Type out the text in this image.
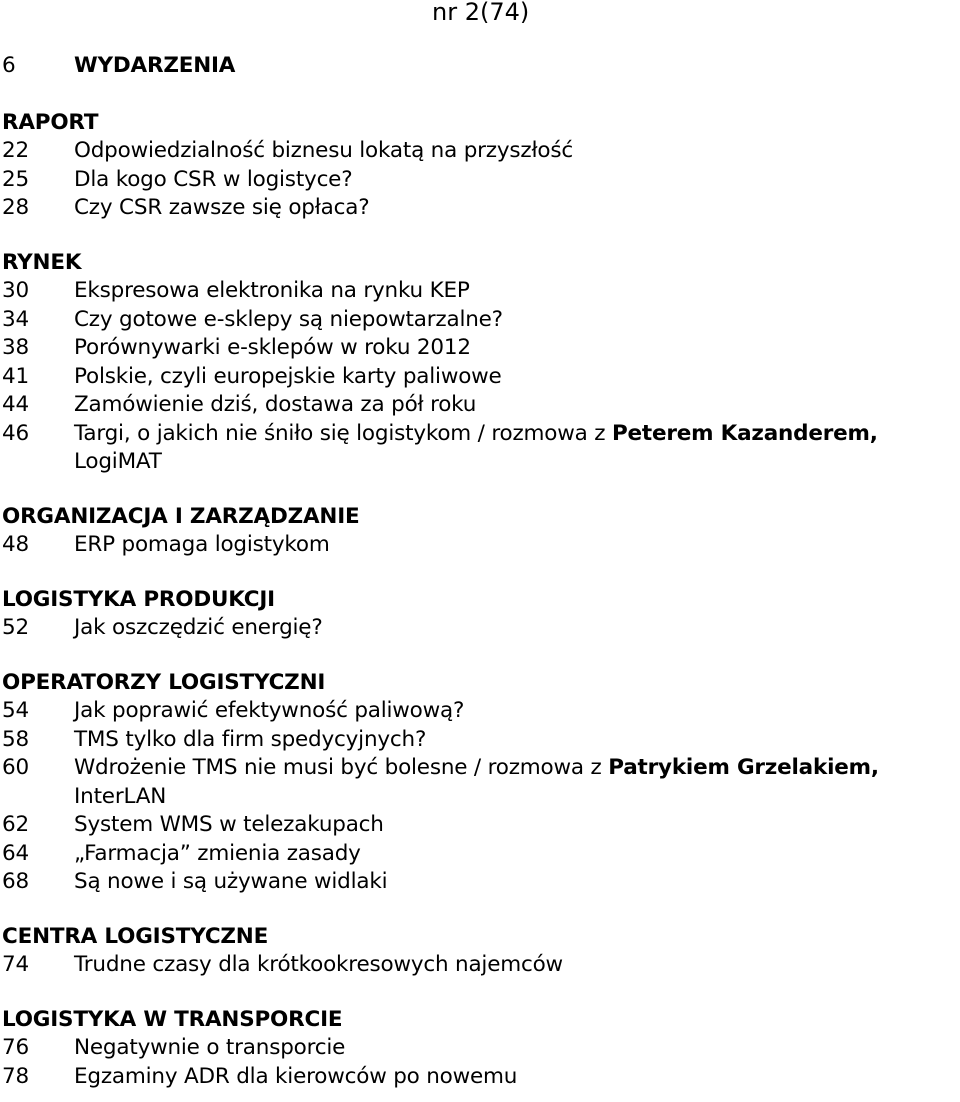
nr 2(74)
6	WYDARZENIA
RAPORT
22	Odpowiedzialność biznesu lokatą na przyszłość
25	Dla kogo CSR w logistyce?
28	Czy CSR zawsze się opłaca?
RYNEK
30	Ekspresowa elektronika na rynku KEP
34	Czy gotowe e-sklepy są niepowtarzalne?
38	Porównywarki e-sklepów w roku 2012
41	Polskie, czyli europejskie karty paliwowe
44	Zamówienie dziś, dostawa za pół roku
46	Targi, o jakich nie śniło się logistykom / rozmowa z Peterem Kazanderem,
LogiMAT
ORGANIZACJA I ZARZĄDZANIE
48	ERP pomaga logistykom
LOGISTYKA PRODUKCJI
52	Jak oszczędzić energię?
OPERATORZY LOGISTYCZNI
54	Jak poprawić efektywność paliwową?
58	TMS tylko dla firm spedycyjnych?
60	Wdrożenie TMS nie musi być bolesne / rozmowa z Patrykiem Grzelakiem,
InterLAN
62	System WMS w telezakupach
64	„Farmacja” zmienia zasady
68	Są nowe i są używane widlaki
CENTRA LOGISTYCZNE
74	Trudne czasy dla krótkookresowych najemców
LOGISTYKA W TRANSPORCIE
76	Negatywnie o transporcie
78	Egzaminy ADR dla kierowców po nowemu
